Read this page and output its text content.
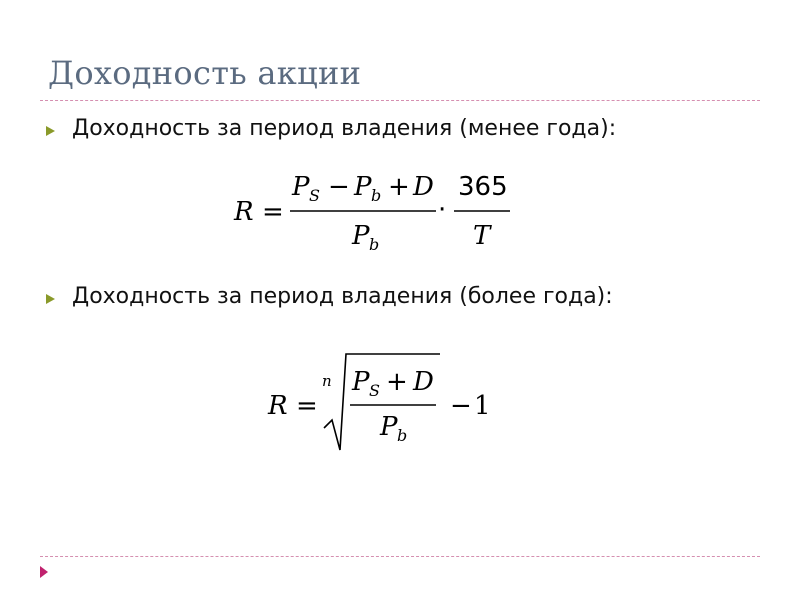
Доходность акции
Доходность за период владения (менее года):
R =
P S − P b + D
P b
·
365
T
Доходность за период владения (более года):
R =
n P S + D
P b
− 1
